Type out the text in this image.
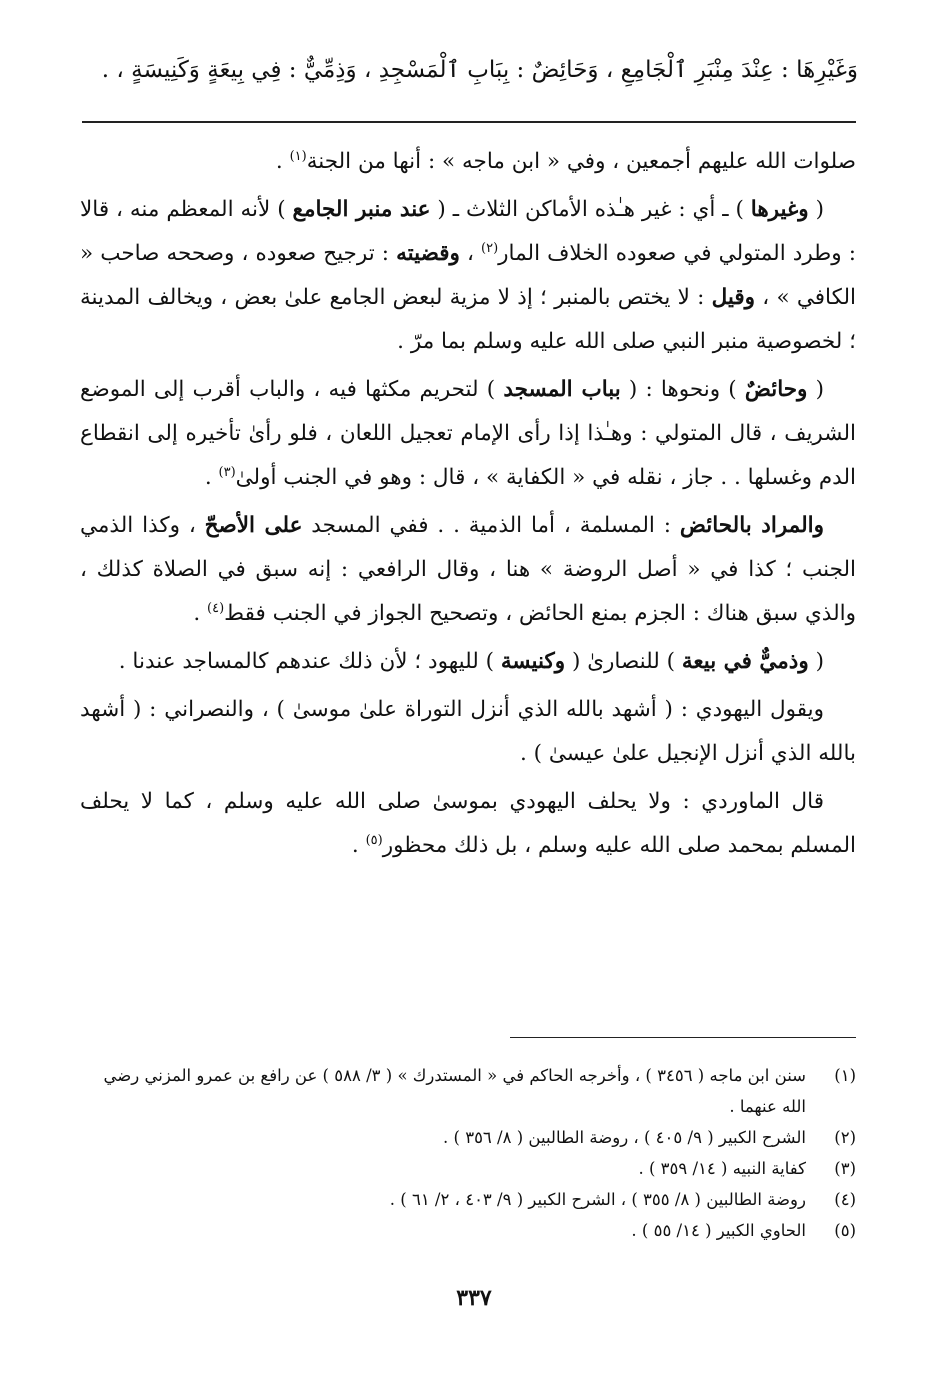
وَغَيْرِهَا : عِنْدَ مِنْبَرِ ٱلْجَامِعِ ، وَحَائِضٌ : بِبَابِ ٱلْمَسْجِدِ ، وَذِمِّيٌّ : فِي بِيعَةٍ وَكَنِيسَةٍ ، .

صلوات الله عليهم أجمعين ، وفي « ابن ماجه » : أنها من الجنة$^{(١)}$ .

( وغيرها ) ـ أي : غير هـٰذه الأماكن الثلاث ـ ( عند منبر الجامع ) لأنه المعظم منه ، قالا : وطرد المتولي في صعوده الخلاف المار$^{(٢)}$ ، وقضيته : ترجيح صعوده ، وصححه صاحب « الكافي » ، وقيل : لا يختص بالمنبر ؛ إذ لا مزية لبعض الجامع علىٰ بعض ، ويخالف المدينة ؛ لخصوصية منبر النبي صلى الله عليه وسلم بما مرّ .

( وحائضٌ ) ونحوها : ( بباب المسجد ) لتحريم مكثها فيه ، والباب أقرب إلى الموضع الشريف ، قال المتولي : وهـٰذا إذا رأى الإمام تعجيل اللعان ، فلو رأىٰ تأخيره إلى انقطاع الدم وغسلها . . جاز ، نقله في « الكفاية » ، قال : وهو في الجنب أولىٰ$^{(٣)}$ .

والمراد بالحائض : المسلمة ، أما الذمية . . ففي المسجد على الأصحّ ، وكذا الذمي الجنب ؛ كذا في « أصل الروضة » هنا ، وقال الرافعي : إنه سبق في الصلاة كذلك ، والذي سبق هناك : الجزم بمنع الحائض ، وتصحيح الجواز في الجنب فقط$^{(٤)}$ .

( وذميٌّ في بيعة ) للنصارىٰ ( وكنيسة ) لليهود ؛ لأن ذلك عندهم كالمساجد عندنا .

ويقول اليهودي : ( أشهد بالله الذي أنزل التوراة علىٰ موسىٰ ) ، والنصراني : ( أشهد بالله الذي أنزل الإنجيل علىٰ عيسىٰ ) .

قال الماوردي : ولا يحلف اليهودي بموسىٰ صلى الله عليه وسلم ، كما لا يحلف المسلم بمحمد صلى الله عليه وسلم ، بل ذلك محظور$^{(٥)}$ .

(١)
سنن ابن ماجه ( ٣٤٥٦ ) ، وأخرجه الحاكم في « المستدرك » ( ٣/ ٥٨٨ ) عن رافع بن عمرو المزني رضي الله عنهما .
(٢)
الشرح الكبير ( ٩/ ٤٠٥ ) ، روضة الطالبين ( ٨/ ٣٥٦ ) .
(٣)
كفاية النبيه ( ١٤/ ٣٥٩ ) .
(٤)
روضة الطالبين ( ٨/ ٣٥٥ ) ، الشرح الكبير ( ٩/ ٤٠٣ ، ٢/ ٦١ ) .
(٥)
الحاوي الكبير ( ١٤/ ٥٥ ) .
٣٣٧
